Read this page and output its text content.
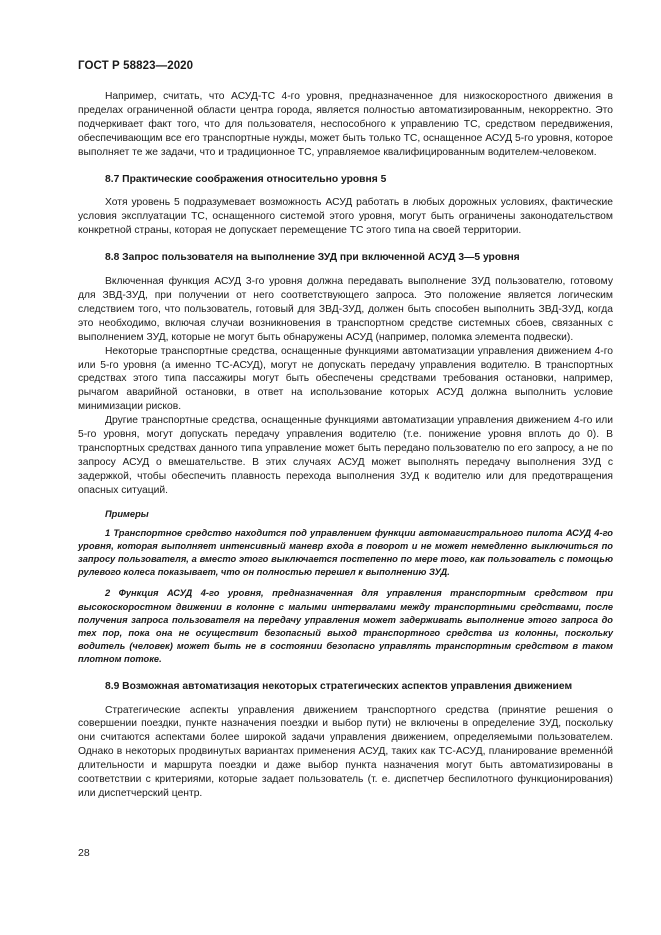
ГОСТ Р 58823—2020

Например, считать, что АСУД-ТС 4-го уровня, предназначенное для низкоскоростного движения в пределах ограниченной области центра города, является полностью автоматизированным, некорректно. Это подчеркивает факт того, что для пользователя, неспособного к управлению ТС, средством передвижения, обеспечивающим все его транспортные нужды, может быть только ТС, оснащенное АСУД 5-го уровня, которое выполняет те же задачи, что и традиционное ТС, управляемое квалифицированным водителем-человеком.

8.7 Практические соображения относительно уровня 5

Хотя уровень 5 подразумевает возможность АСУД работать в любых дорожных условиях, фактические условия эксплуатации ТС, оснащенного системой этого уровня, могут быть ограничены законодательством конкретной страны, которая не допускает перемещение ТС этого типа на своей территории.

8.8 Запрос пользователя на выполнение ЗУД при включенной АСУД 3—5 уровня

Включенная функция АСУД 3-го уровня должна передавать выполнение ЗУД пользователю, готовому для ЗВД-ЗУД, при получении от него соответствующего запроса. Это положение является логическим следствием того, что пользователь, готовый для ЗВД-ЗУД, должен быть способен выполнить ЗВД-ЗУД, когда это необходимо, включая случаи возникновения в транспортном средстве системных сбоев, связанных с выполнением ЗУД, которые не могут быть обнаружены АСУД (например, поломка элемента подвески).

Некоторые транспортные средства, оснащенные функциями автоматизации управления движением 4-го или 5-го уровня (а именно ТС-АСУД), могут не допускать передачу управления водителю. В транспортных средствах этого типа пассажиры могут быть обеспечены средствами требования остановки, например, рычагом аварийной остановки, в ответ на использование которых АСУД должна выполнить условие минимизации рисков.

Другие транспортные средства, оснащенные функциями автоматизации управления движением 4-го или 5-го уровня, могут допускать передачу управления водителю (т.е. понижение уровня вплоть до 0). В транспортных средствах данного типа управление может быть передано пользователю по его запросу, а не по запросу АСУД о вмешательстве. В этих случаях АСУД может выполнять передачу выполнения ЗУД с задержкой, чтобы обеспечить плавность перехода выполнения ЗУД к водителю или для предотвращения опасных ситуаций.

Примеры

1 Транспортное средство находится под управлением функции автомагистрального пилота АСУД 4-го уровня, которая выполняет интенсивный маневр входа в поворот и не может немедленно выключиться по запросу пользователя, а вместо этого выключается постепенно по мере того, как пользователь с помощью рулевого колеса показывает, что он полностью перешел к выполнению ЗУД.

2 Функция АСУД 4-го уровня, предназначенная для управления транспортным средством при высокоскоростном движении в колонне с малыми интервалами между транспортными средствами, после получения запроса пользователя на передачу управления может задерживать выполнение этого запроса до тех пор, пока она не осуществит безопасный выход транспортного средства из колонны, поскольку водитель (человек) может быть не в состоянии безопасно управлять транспортным средством в таком плотном потоке.

8.9 Возможная автоматизация некоторых стратегических аспектов управления движением

Стратегические аспекты управления движением транспортного средства (принятие решения о совершении поездки, пункте назначения поездки и выбор пути) не включены в определение ЗУД, поскольку они считаются аспектами более широкой задачи управления движением, определяемыми пользователем. Однако в некоторых продвинутых вариантах применения АСУД, таких как ТС-АСУД, планирование временно́й длительности и маршрута поездки и даже выбор пункта назначения могут быть автоматизированы в соответствии с критериями, которые задает пользователь (т. е. диспетчер беспилотного функционирования) или диспетчерский центр.

28
